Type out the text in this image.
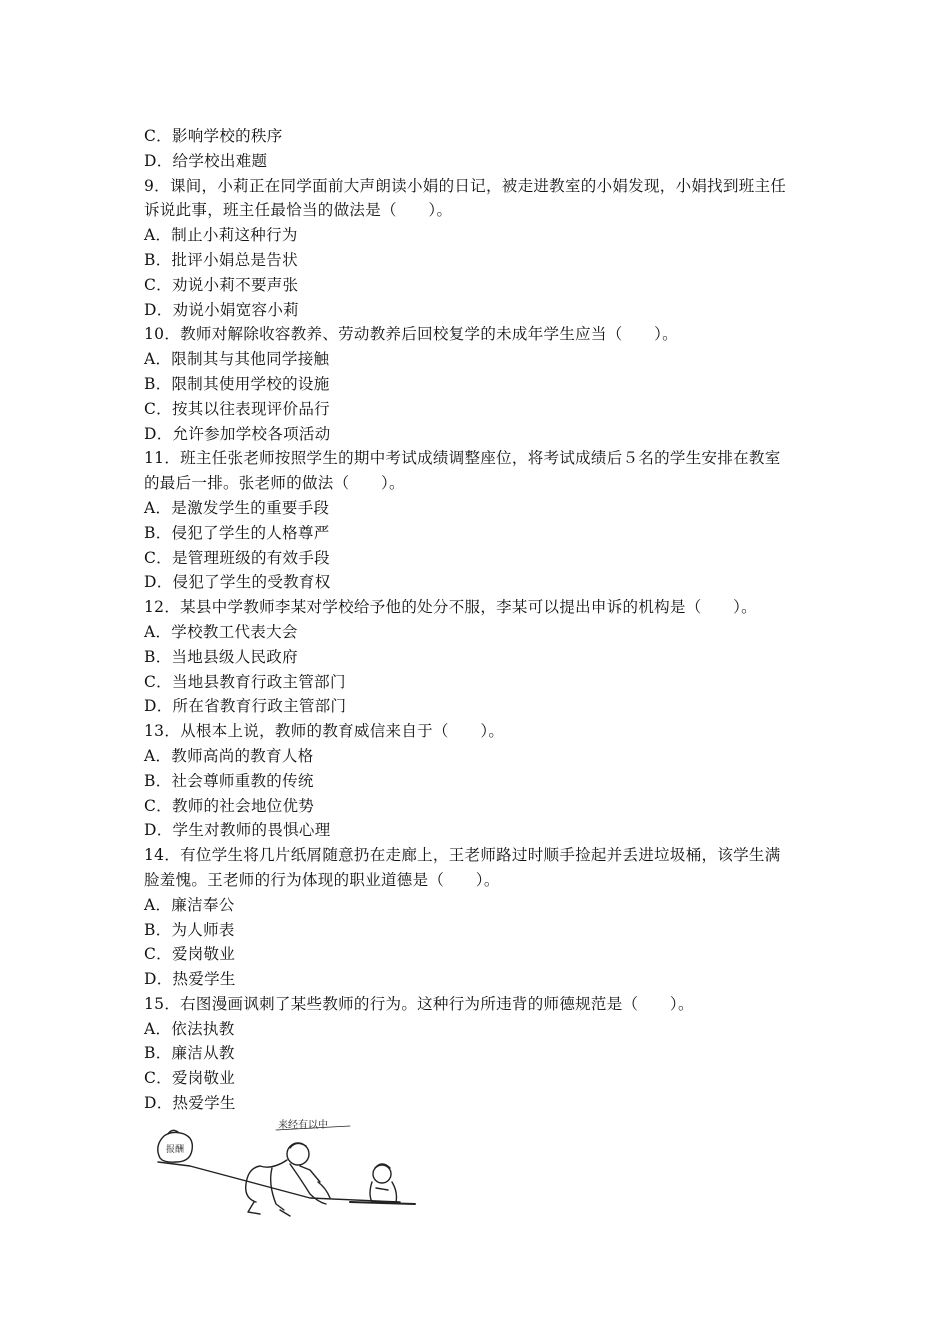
C．影响学校的秩序
D．给学校出难题
9．课间，小莉正在同学面前大声朗读小娟的日记，被走进教室的小娟发现，小娟找到班主任
诉说此事，班主任最恰当的做法是（　　）。
A．制止小莉这种行为
B．批评小娟总是告状
C．劝说小莉不要声张
D．劝说小娟宽容小莉
10．教师对解除收容教养、劳动教养后回校复学的未成年学生应当（　　）。
A．限制其与其他同学接触
B．限制其使用学校的设施
C．按其以往表现评价品行
D．允许参加学校各项活动
11．班主任张老师按照学生的期中考试成绩调整座位，将考试成绩后５名的学生安排在教室
的最后一排。张老师的做法（　　）。
A．是激发学生的重要手段
B．侵犯了学生的人格尊严
C．是管理班级的有效手段
D．侵犯了学生的受教育权
12．某县中学教师李某对学校给予他的处分不服，李某可以提出申诉的机构是（　　）。
A．学校教工代表大会
B．当地县级人民政府
C．当地县教育行政主管部门
D．所在省教育行政主管部门
13．从根本上说，教师的教育威信来自于（　　）。
A．教师高尚的教育人格
B．社会尊师重教的传统
C．教师的社会地位优势
D．学生对教师的畏惧心理
14．有位学生将几片纸屑随意扔在走廊上，王老师路过时顺手捡起并丢进垃圾桶，该学生满
脸羞愧。王老师的行为体现的职业道德是（　　）。
A．廉洁奉公
B．为人师表
C．爱岗敬业
D．热爱学生
15．右图漫画讽刺了某些教师的行为。这种行为所违背的师德规范是（　　）。
A．依法执教
B．廉洁从教
C．爱岗敬业
D．热爱学生
来经有以中
报酬
